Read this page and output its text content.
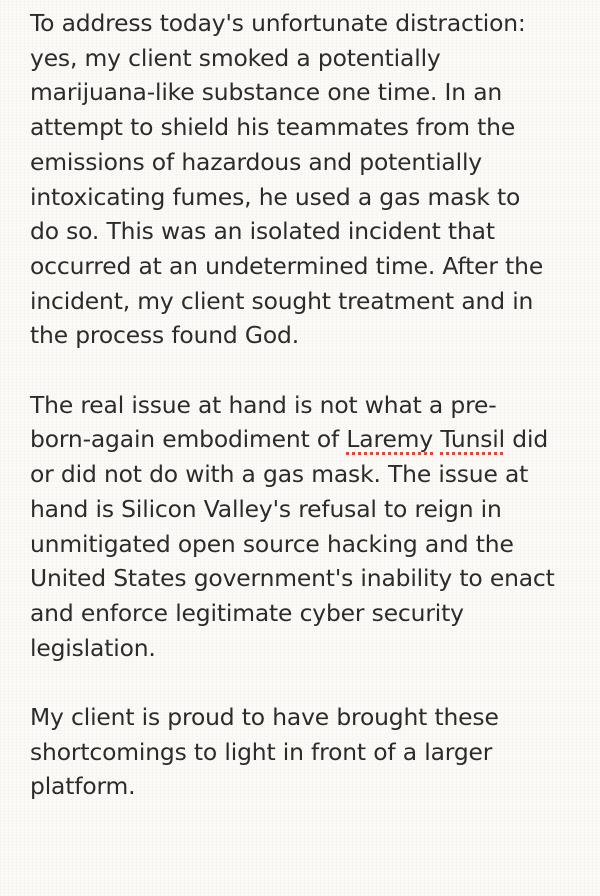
To address today's unfortunate distraction:
yes, my client smoked a potentially
marijuana-like substance one time. In an
attempt to shield his teammates from the
emissions of hazardous and potentially
intoxicating fumes, he used a gas mask to
do so. This was an isolated incident that
occurred at an undetermined time. After the
incident, my client sought treatment and in
the process found God.

The real issue at hand is not what a pre-
born-again embodiment of Laremy Tunsil did
or did not do with a gas mask. The issue at
hand is Silicon Valley's refusal to reign in
unmitigated open source hacking and the
United States government's inability to enact
and enforce legitimate cyber security
legislation.

My client is proud to have brought these
shortcomings to light in front of a larger
platform.
